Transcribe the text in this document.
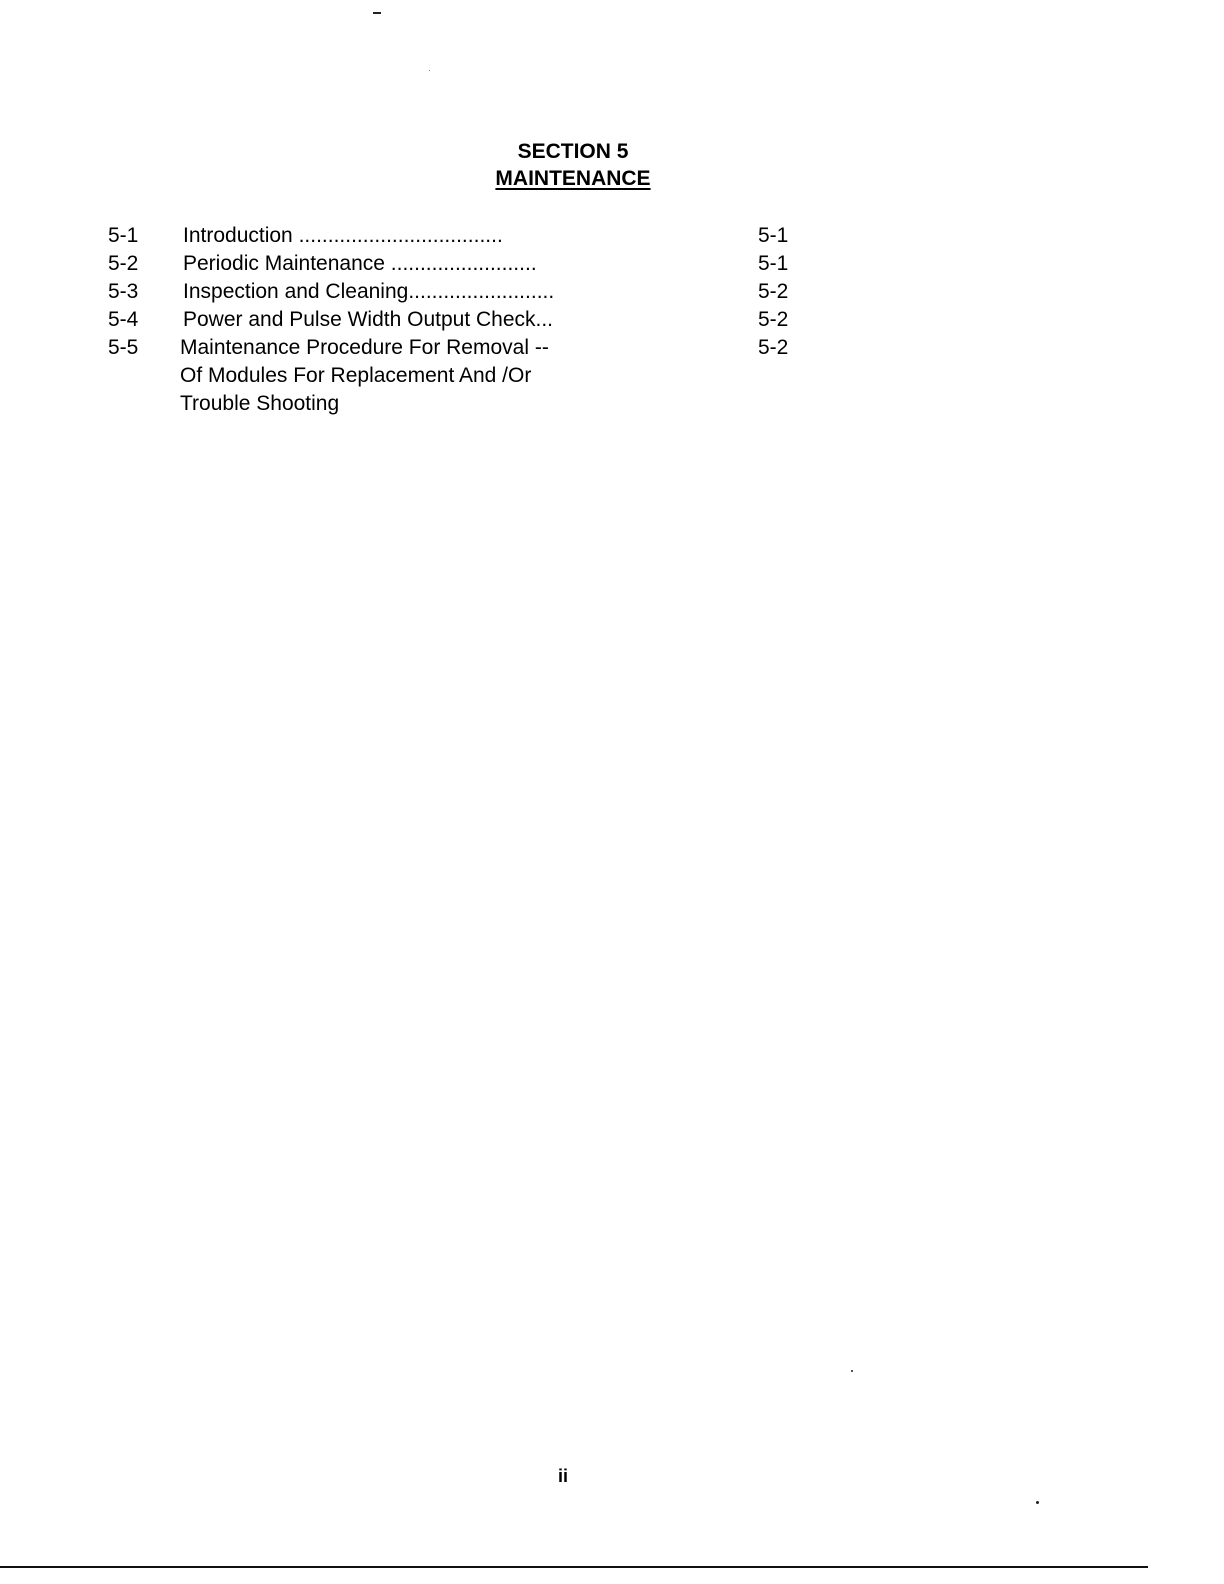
SECTION 5
MAINTENANCE
5-1 Introduction ...................................	5-1
5-2 Periodic Maintenance .........................	5-1
5-3 Inspection and Cleaning.........................	5-2
5-4 Power and Pulse Width Output Check...	5-2
5-5 Maintenance Procedure For Removal --	5-2
Of Modules For Replacement And /Or
Trouble Shooting
ii
